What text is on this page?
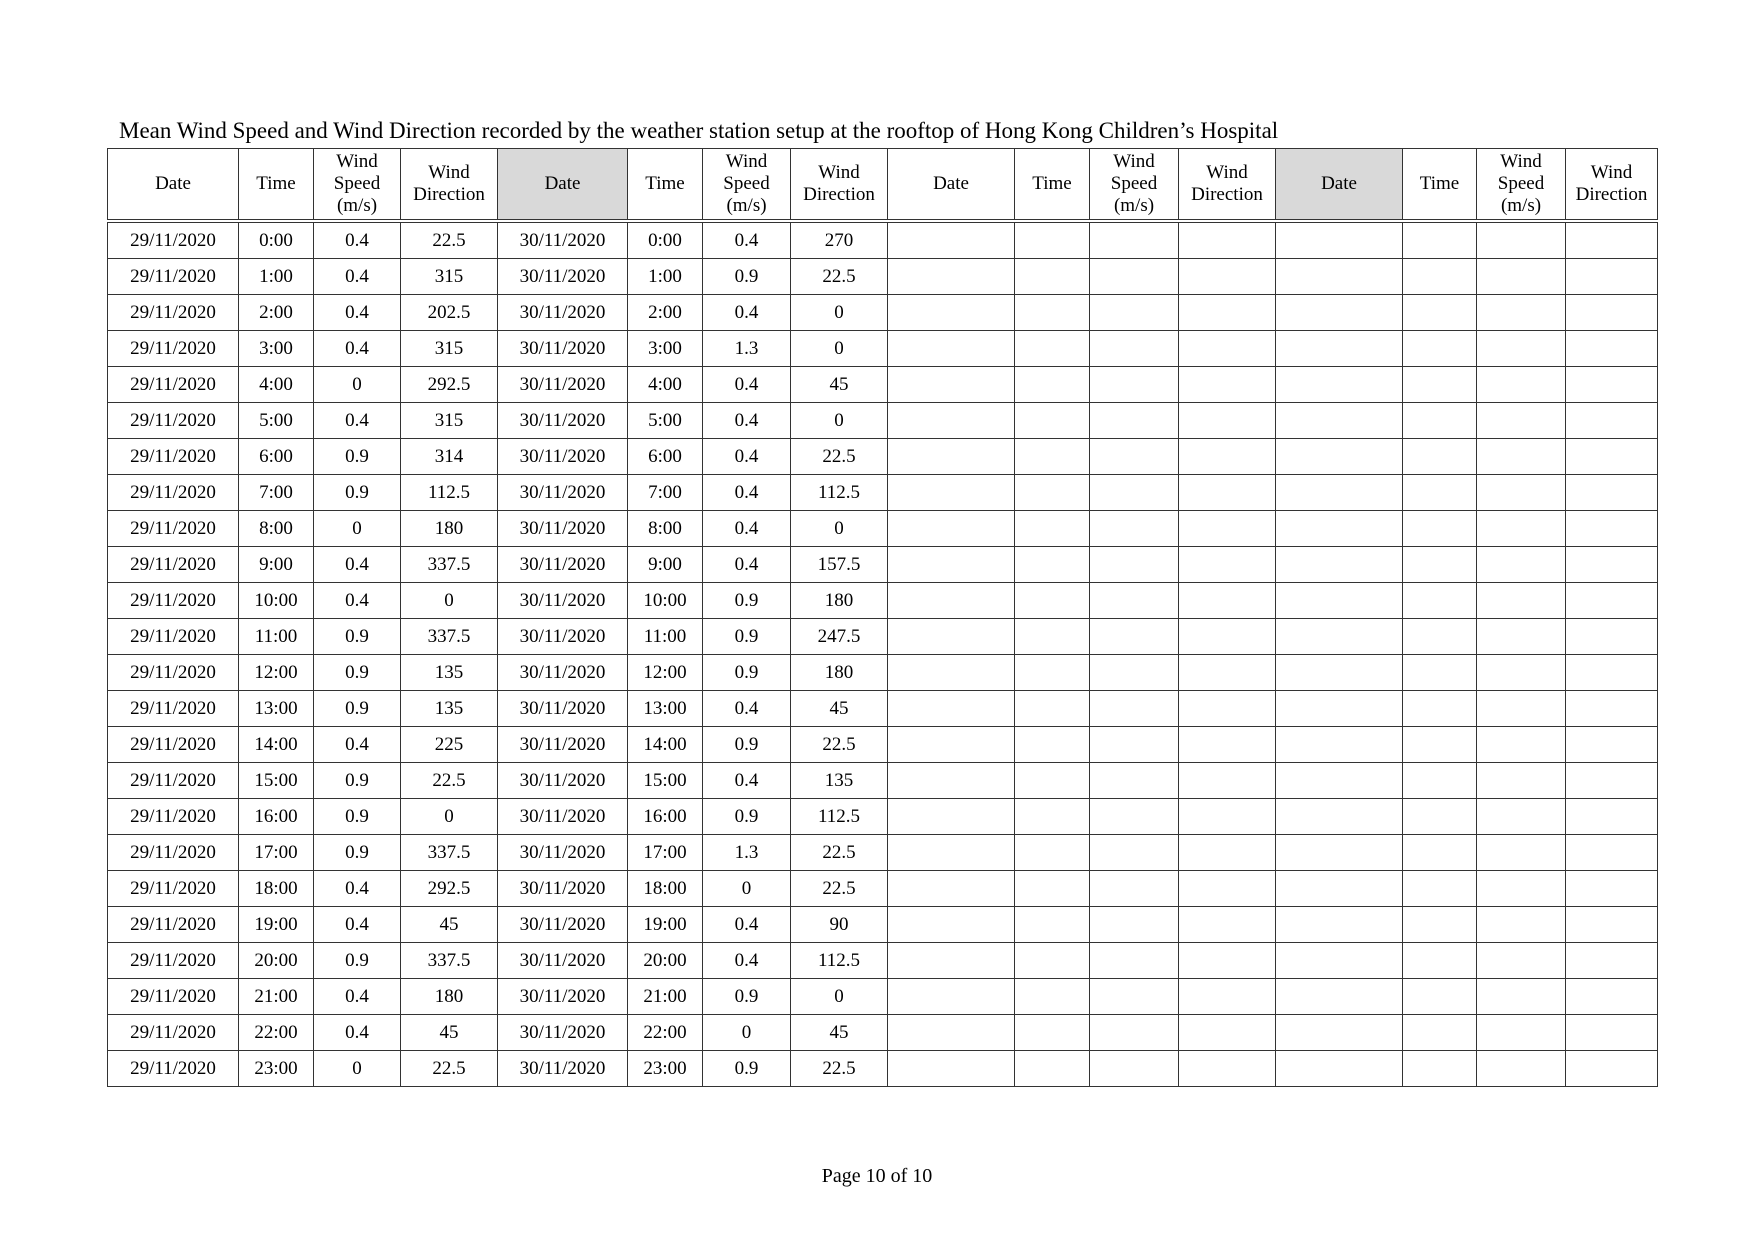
Mean Wind Speed and Wind Direction recorded by the weather station setup at the rooftop of Hong Kong Children’s Hospital
Date	Time	Wind
Speed
(m/s)	Wind
Direction	Date	Time	Wind
Speed
(m/s)	Wind
Direction	Date	Time	Wind
Speed
(m/s)	Wind
Direction	Date	Time	Wind
Speed
(m/s)	Wind
Direction
29/11/2020	0:00	0.4	22.5	30/11/2020	0:00	0.4	270								
29/11/2020	1:00	0.4	315	30/11/2020	1:00	0.9	22.5								
29/11/2020	2:00	0.4	202.5	30/11/2020	2:00	0.4	0								
29/11/2020	3:00	0.4	315	30/11/2020	3:00	1.3	0								
29/11/2020	4:00	0	292.5	30/11/2020	4:00	0.4	45								
29/11/2020	5:00	0.4	315	30/11/2020	5:00	0.4	0								
29/11/2020	6:00	0.9	314	30/11/2020	6:00	0.4	22.5								
29/11/2020	7:00	0.9	112.5	30/11/2020	7:00	0.4	112.5								
29/11/2020	8:00	0	180	30/11/2020	8:00	0.4	0								
29/11/2020	9:00	0.4	337.5	30/11/2020	9:00	0.4	157.5								
29/11/2020	10:00	0.4	0	30/11/2020	10:00	0.9	180								
29/11/2020	11:00	0.9	337.5	30/11/2020	11:00	0.9	247.5								
29/11/2020	12:00	0.9	135	30/11/2020	12:00	0.9	180								
29/11/2020	13:00	0.9	135	30/11/2020	13:00	0.4	45								
29/11/2020	14:00	0.4	225	30/11/2020	14:00	0.9	22.5								
29/11/2020	15:00	0.9	22.5	30/11/2020	15:00	0.4	135								
29/11/2020	16:00	0.9	0	30/11/2020	16:00	0.9	112.5								
29/11/2020	17:00	0.9	337.5	30/11/2020	17:00	1.3	22.5								
29/11/2020	18:00	0.4	292.5	30/11/2020	18:00	0	22.5								
29/11/2020	19:00	0.4	45	30/11/2020	19:00	0.4	90								
29/11/2020	20:00	0.9	337.5	30/11/2020	20:00	0.4	112.5								
29/11/2020	21:00	0.4	180	30/11/2020	21:00	0.9	0								
29/11/2020	22:00	0.4	45	30/11/2020	22:00	0	45								
29/11/2020	23:00	0	22.5	30/11/2020	23:00	0.9	22.5								
Page 10 of 10
